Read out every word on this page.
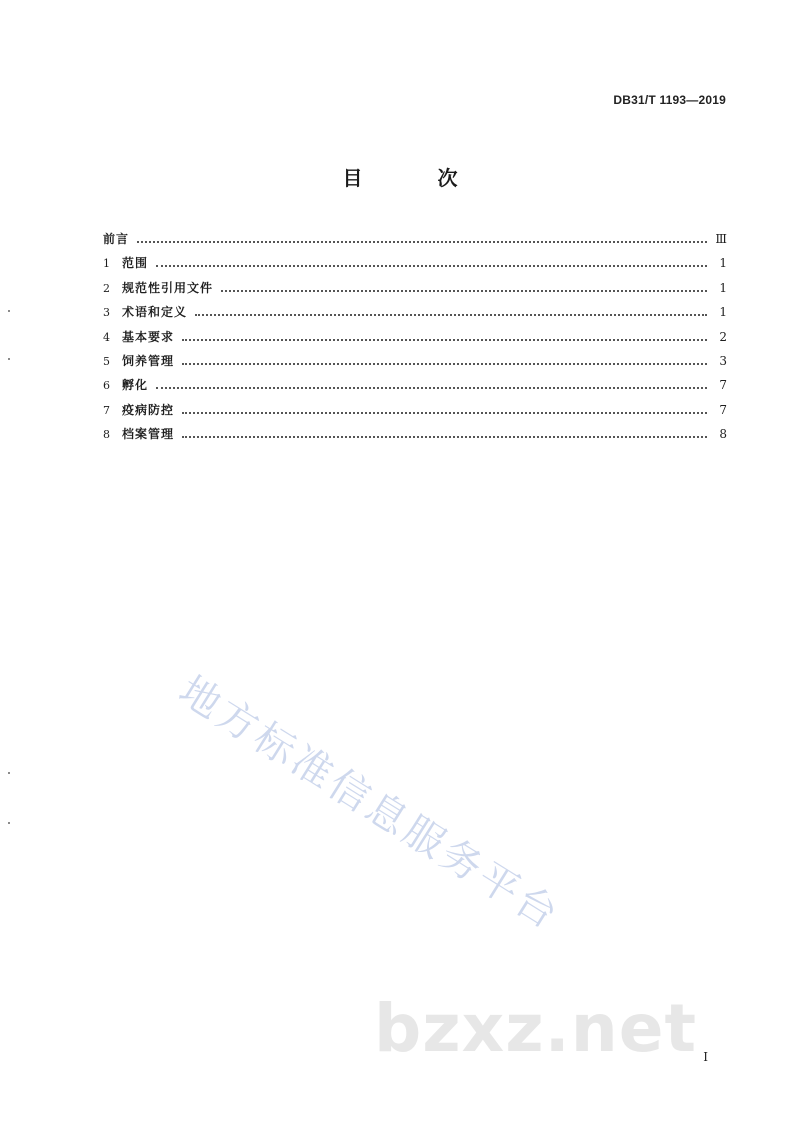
DB31/T 1193—2019
目 次
前言	Ⅲ
1	范围	1
2	规范性引用文件	1
3	术语和定义	1
4	基本要求	2
5	饲养管理	3
6	孵化	7
7	疫病防控	7
8	档案管理	8
地方标准信息服务平台
bzxz.net I
